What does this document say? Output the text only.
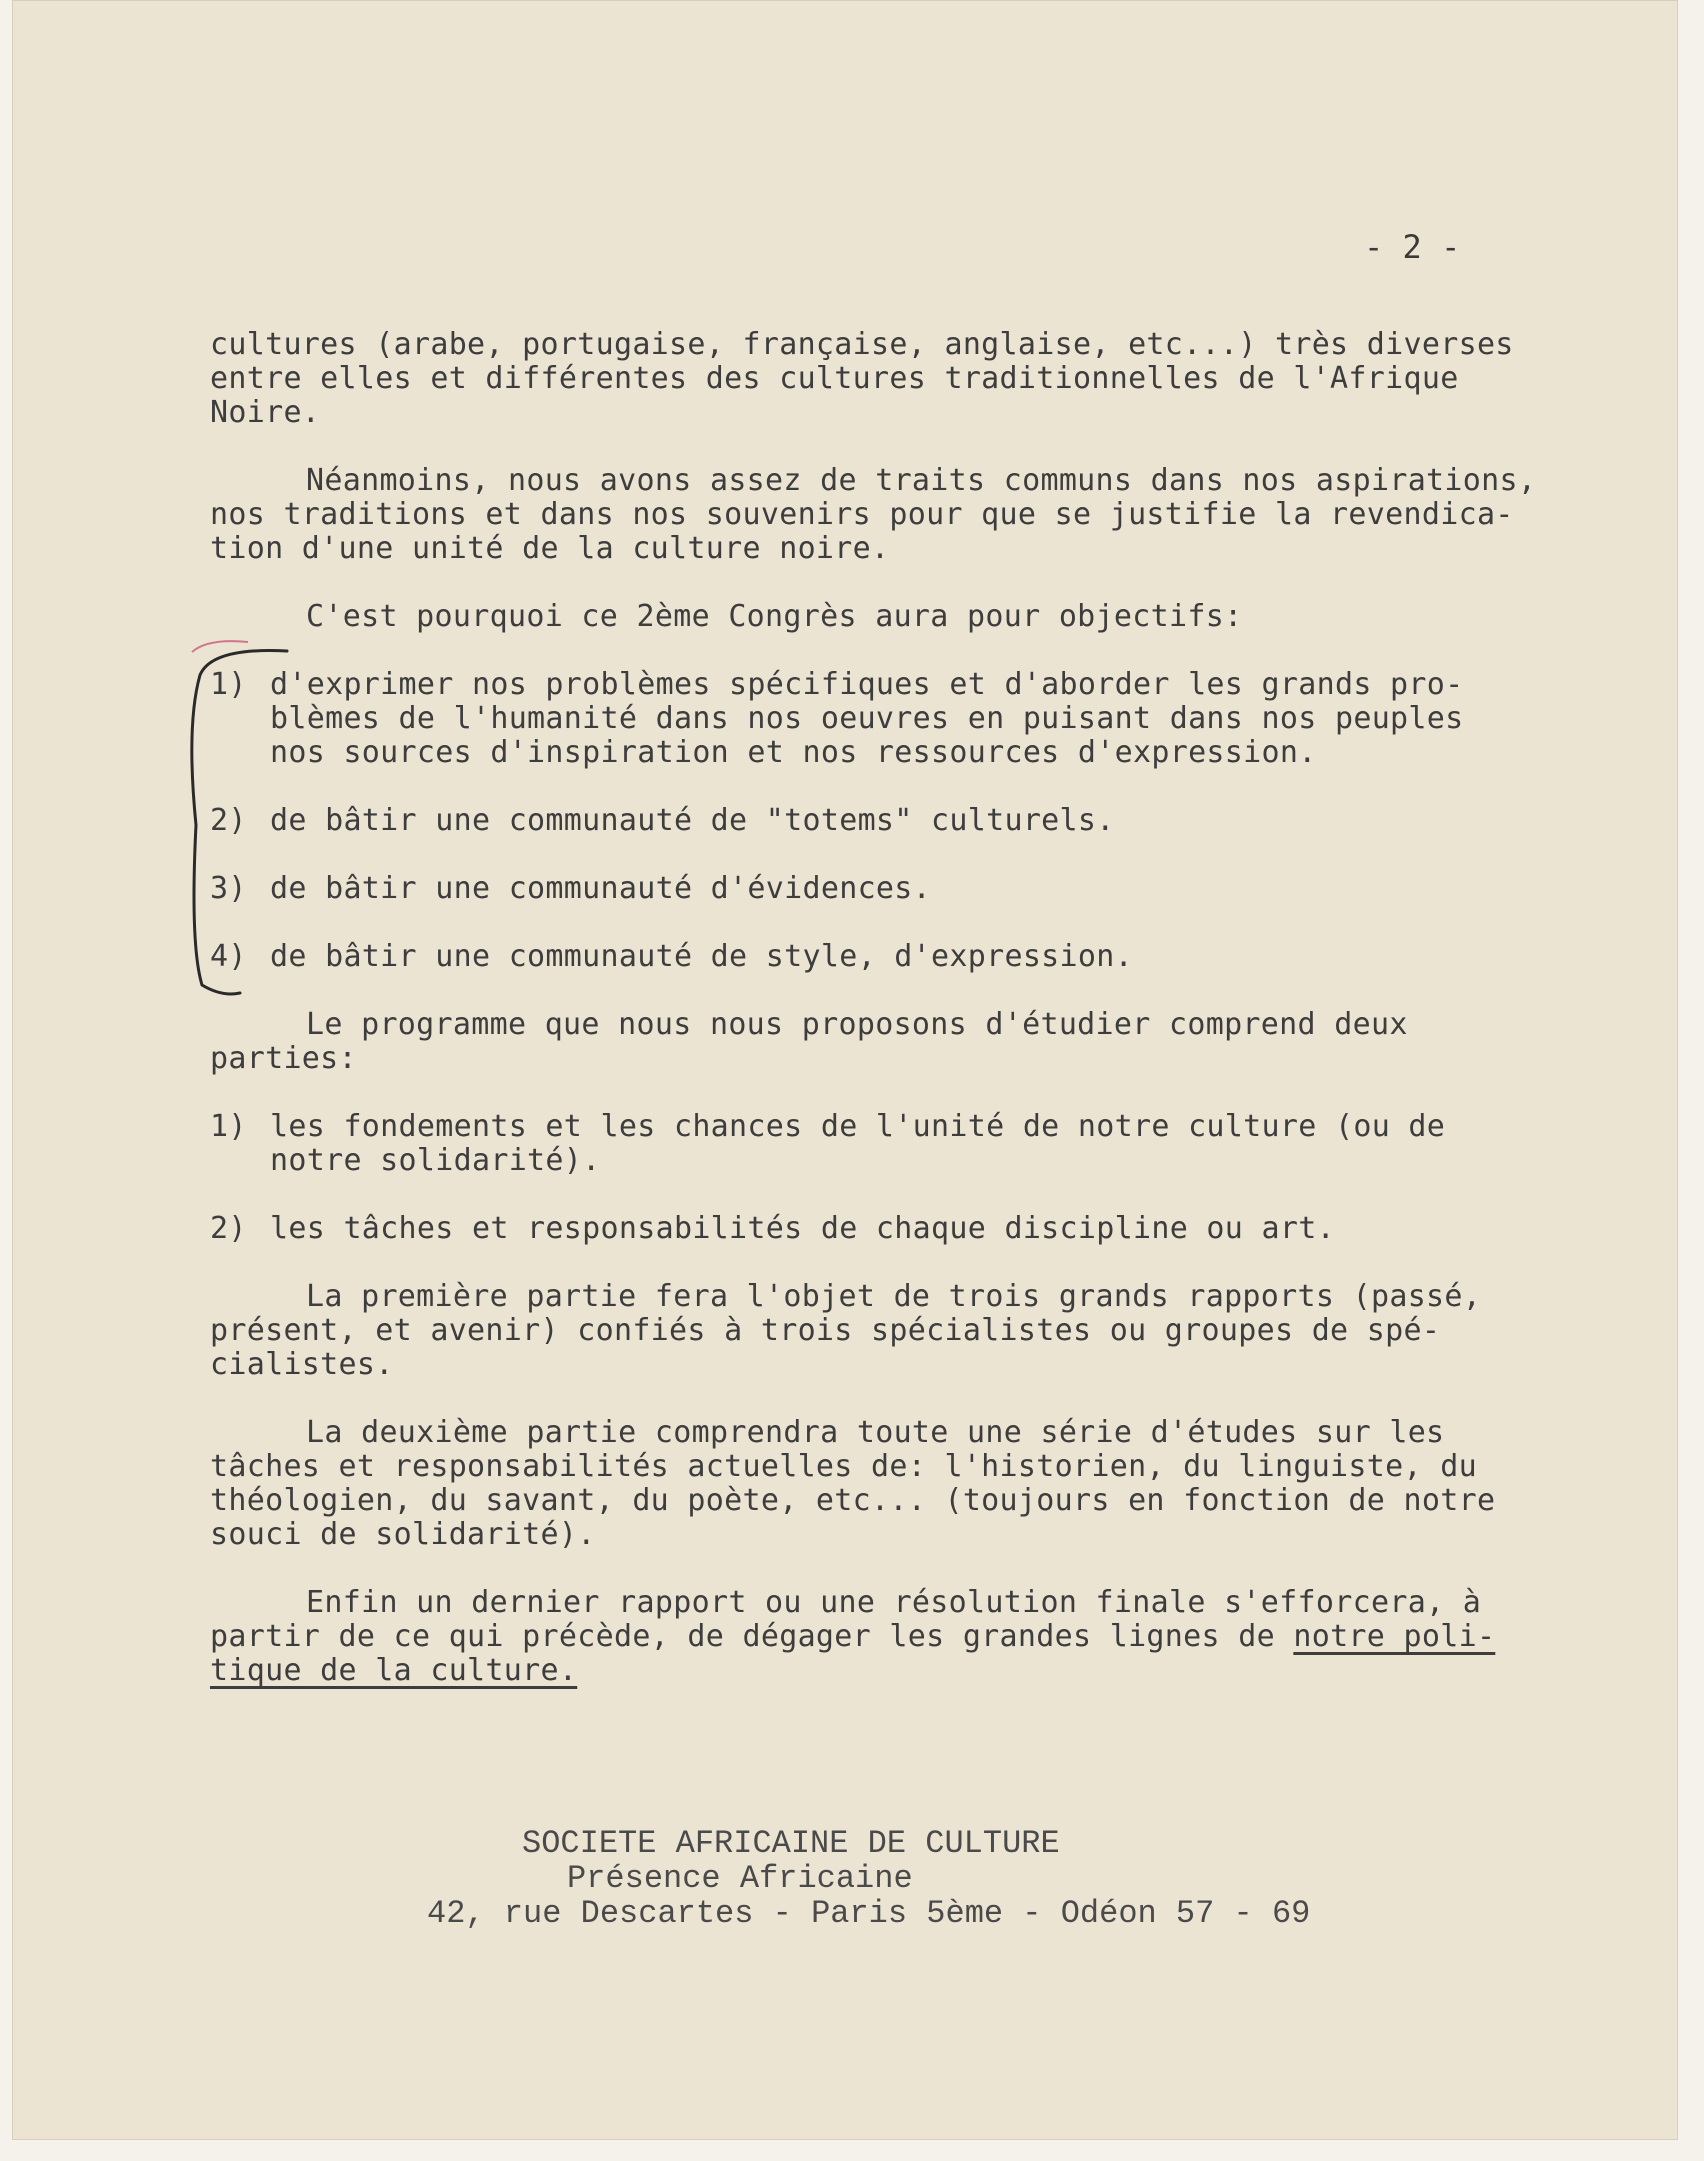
- 2 -

cultures (arabe, portugaise, française, anglaise, etc...) très diverses
entre elles et différentes des cultures traditionnelles de l'Afrique
Noire.

Néanmoins, nous avons assez de traits communs dans nos aspirations,
nos traditions et dans nos souvenirs pour que se justifie la revendica-
tion d'une unité de la culture noire.

C'est pourquoi ce 2ème Congrès aura pour objectifs:

1) d'exprimer nos problèmes spécifiques et d'aborder les grands pro-
blèmes de l'humanité dans nos oeuvres en puisant dans nos peuples
nos sources d'inspiration et nos ressources d'expression.
2) de bâtir une communauté de "totems" culturels.
3) de bâtir une communauté d'évidences.
4) de bâtir une communauté de style, d'expression.

Le programme que nous nous proposons d'étudier comprend deux
parties:

1) les fondements et les chances de l'unité de notre culture (ou de
notre solidarité).
2) les tâches et responsabilités de chaque discipline ou art.

La première partie fera l'objet de trois grands rapports (passé,
présent, et avenir) confiés à trois spécialistes ou groupes de spé-
cialistes.

La deuxième partie comprendra toute une série d'études sur les
tâches et responsabilités actuelles de: l'historien, du linguiste, du
théologien, du savant, du poète, etc... (toujours en fonction de notre
souci de solidarité).

Enfin un dernier rapport ou une résolution finale s'efforcera, à
partir de ce qui précède, de dégager les grandes lignes de notre poli-
tique de la culture.

SOCIETE AFRICAINE DE CULTURE
Présence Africaine
42, rue Descartes - Paris 5ème - Odéon 57 - 69
